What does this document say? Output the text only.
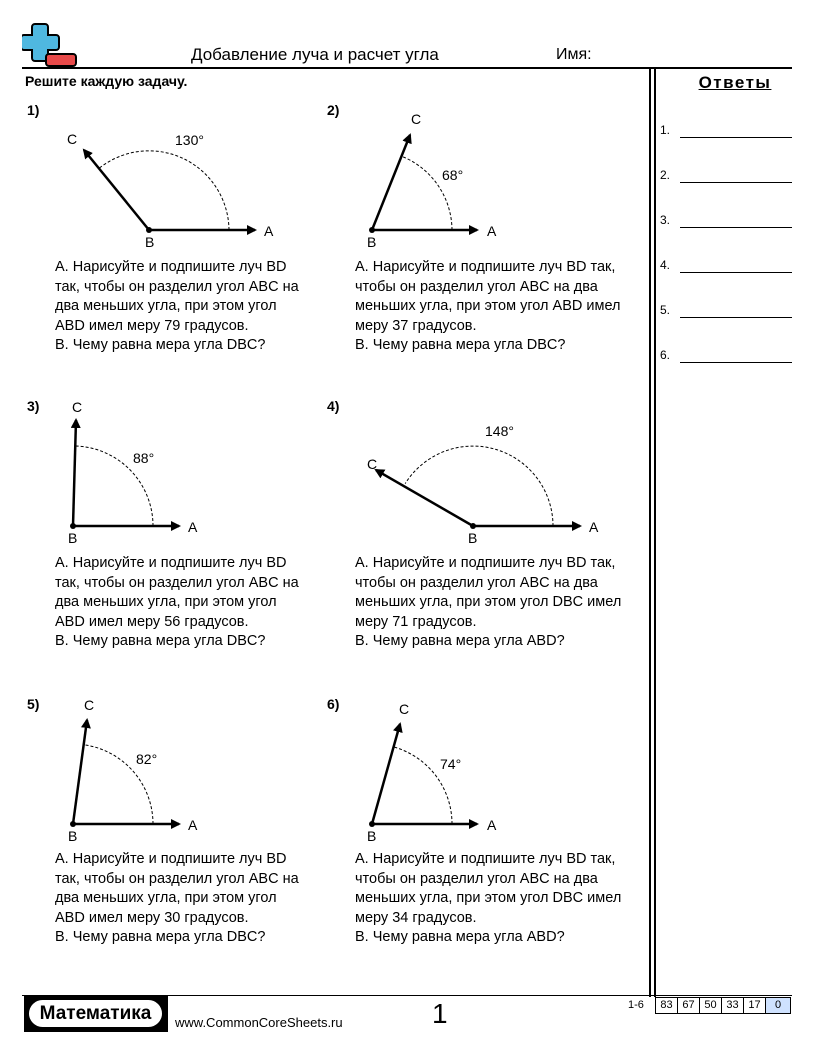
Добавление луча и расчет угла	Имя:
Решите каждую задачу.	Ответы
1.
2.
3.
4.
5.
6.
1)
A
B
C	130°
А. Нарисуйте и подпишите луч BD
так, чтобы он разделил угол ABC на
два меньших угла, при этом угол
ABD имел меру 79 градусов.
B. Чему равна мера угла DBC?
2)
A
B
C
68°
А. Нарисуйте и подпишите луч BD так,
чтобы он разделил угол ABC на два
меньших угла, при этом угол ABD имел
меру 37 градусов.
B. Чему равна мера угла DBC?
3)
A
B
C
88°
А. Нарисуйте и подпишите луч BD
так, чтобы он разделил угол ABC на
два меньших угла, при этом угол
ABD имел меру 56 градусов.
B. Чему равна мера угла DBC?
4)
A
B
C
148°
А. Нарисуйте и подпишите луч BD так,
чтобы он разделил угол ABC на два
меньших угла, при этом угол DBC имел
меру 71 градусов.
B. Чему равна мера угла ABD?
5)
A
B
C
82°
А. Нарисуйте и подпишите луч BD
так, чтобы он разделил угол ABC на
два меньших угла, при этом угол
ABD имел меру 30 градусов.
B. Чему равна мера угла DBC?
6)
A
B
C
74°
А. Нарисуйте и подпишите луч BD так,
чтобы он разделил угол ABC на два
меньших угла, при этом угол DBC имел
меру 34 градусов.
B. Чему равна мера угла ABD?
Математика	www.CommonCoreSheets.ru	1	1-6	83 67 50 33 17	0
